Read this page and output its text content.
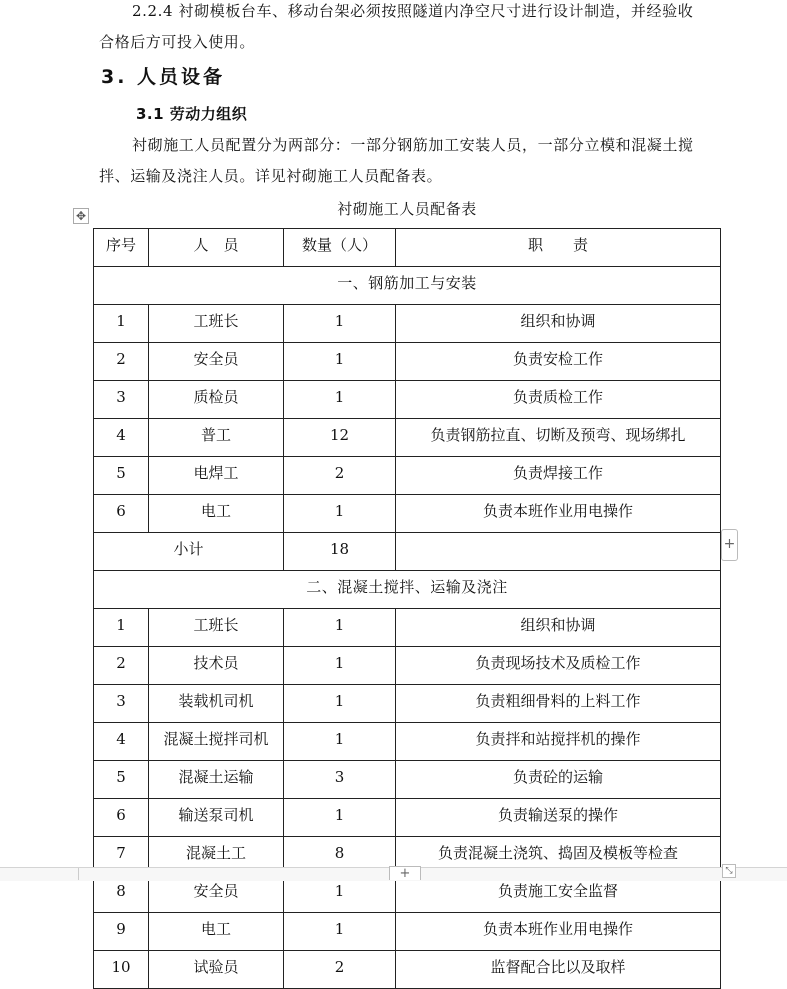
2.2.4 衬砌模板台车、移动台架必须按照隧道内净空尺寸进行设计制造，并经验收
合格后方可投入使用。
3. 人员设备
3.1 劳动力组织
衬砌施工人员配置分为两部分：一部分钢筋加工安装人员，一部分立模和混凝土搅
拌、运输及浇注人员。详见衬砌施工人员配备表。
✥	衬砌施工人员配备表
序号	人　员	数量（人）	职　　责
一、钢筋加工与安装			
1	工班长	1	组织和协调
2	安全员	1	负责安检工作
3	质检员	1	负责质检工作
4	普工	12	负责钢筋拉直、切断及预弯、现场绑扎
5	电焊工	2	负责焊接工作
6	电工	1	负责本班作业用电操作
小计		18	
二、混凝土搅拌、运输及浇注			
1	工班长	1	组织和协调
2	技术员	1	负责现场技术及质检工作
3	装载机司机	1	负责粗细骨料的上料工作
4	混凝土搅拌司机	1	负责拌和站搅拌机的操作
5	混凝土运输	3	负责砼的运输
6	输送泵司机	1	负责输送泵的操作
7	混凝土工	8	负责混凝土浇筑、捣固及模板等检查
8	安全员	1	负责施工安全监督
9	电工	1	负责本班作业用电操作
10	试验员	2	监督配合比以及取样
+
+	⤡
